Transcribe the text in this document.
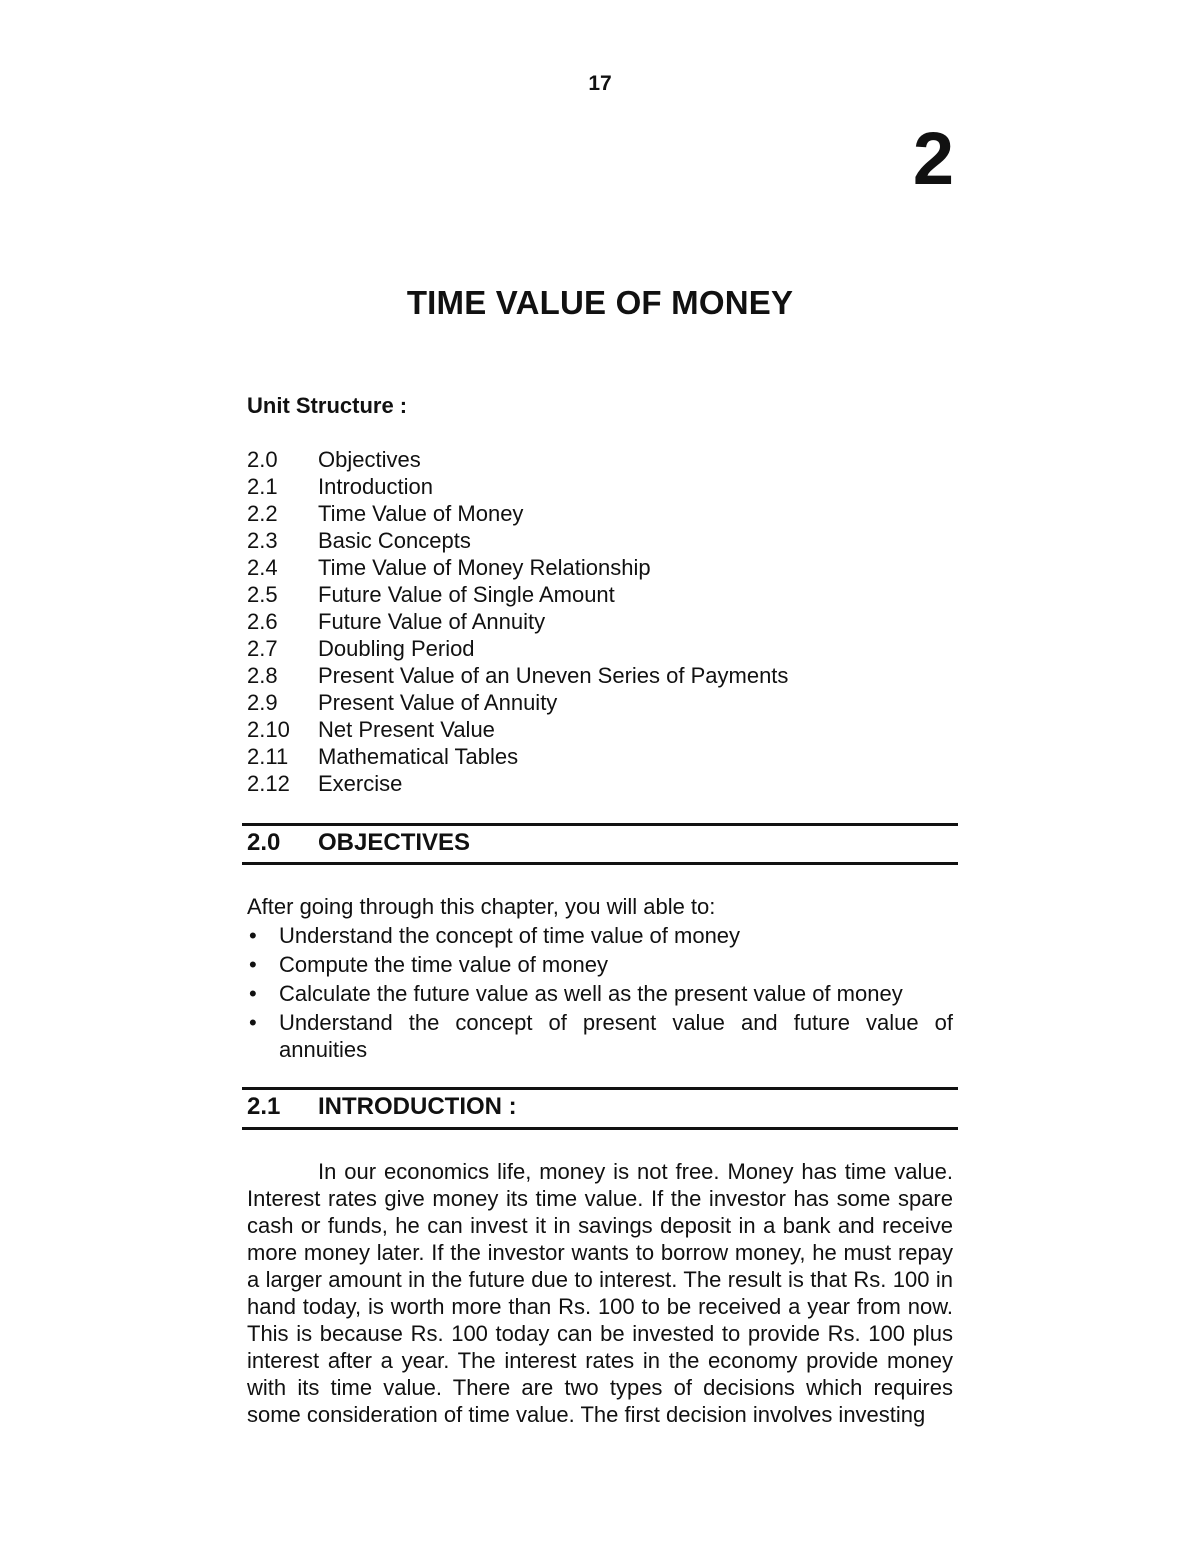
17
2
TIME VALUE OF MONEY
Unit Structure :
2.0 Objectives
2.1 Introduction
2.2 Time Value of Money
2.3 Basic Concepts
2.4 Time Value of Money Relationship
2.5 Future Value of Single Amount
2.6 Future Value of Annuity
2.7 Doubling Period
2.8 Present Value of an Uneven Series of Payments
2.9 Present Value of Annuity
2.10 Net Present Value
2.11 Mathematical Tables
2.12 Exercise
2.0 OBJECTIVES
After going through this chapter, you will able to:
• Understand the concept of time value of money
• Compute the time value of money
• Calculate the future value as well as the present value of money
• Understand the concept of present value and future value of annuities
2.1 INTRODUCTION :

In our economics life, money is not free. Money has time value. Interest rates give money its time value. If the investor has some spare cash or funds, he can invest it in savings deposit in a bank and receive more money later. If the investor wants to borrow money, he must repay a larger amount in the future due to interest. The result is that Rs. 100 in hand today, is worth more than Rs. 100 to be received a year from now. This is because Rs. 100 today can be invested to provide Rs. 100 plus interest after a year. The interest rates in the economy provide money with its time value. There are two types of decisions which requires some consideration of time value. The first decision involves investing
